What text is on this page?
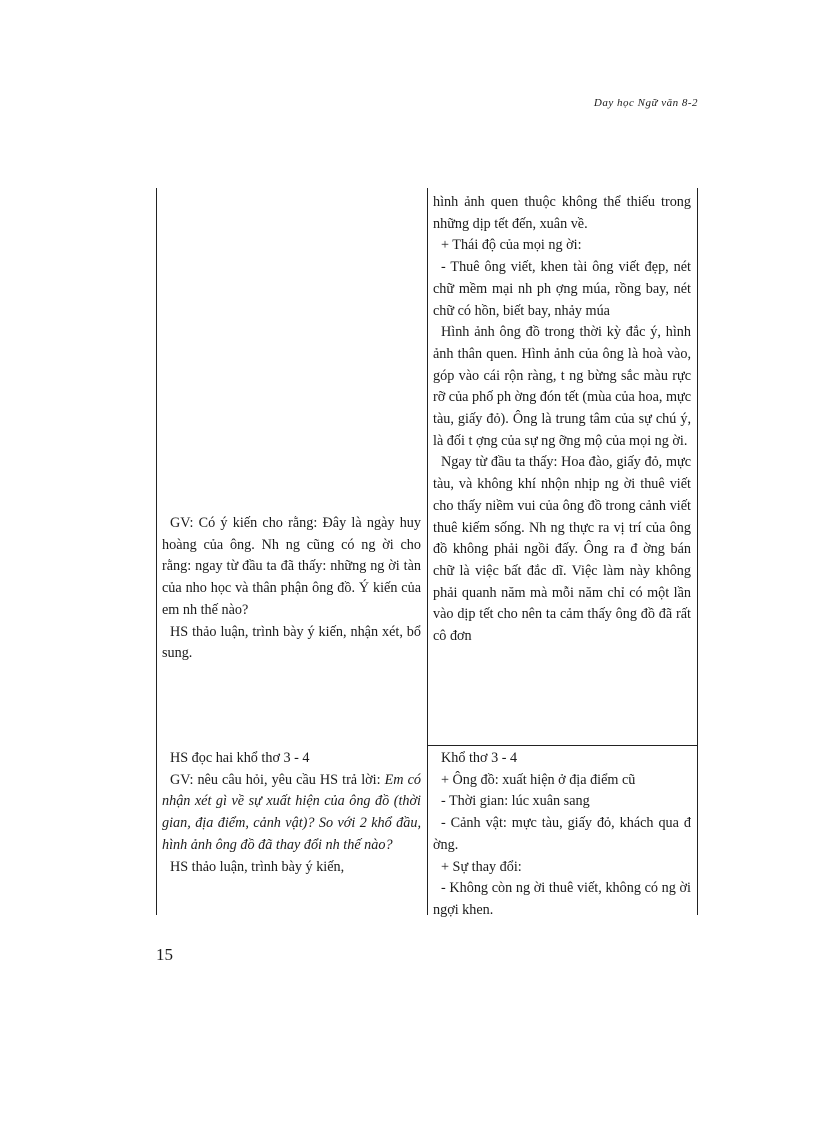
Day học Ngữ văn 8-2

GV: Có ý kiến cho rằng: Đây là ngày huy hoàng của ông. Nh ng cũng có ng ời cho rằng: ngay từ đầu ta đã thấy: những ng ời tàn của nho học và thân phận ông đồ. Ý kiến của em nh thế nào?

HS thảo luận, trình bày ý kiến, nhận xét, bổ sung.

hình ảnh quen thuộc không thể thiếu trong những dịp tết đến, xuân về.

+ Thái độ của mọi ng ời:

- Thuê ông viết, khen tài ông viết đẹp, nét chữ mềm mại nh ph ợng múa, rồng bay, nét chữ có hồn, biết bay, nhảy múa

Hình ảnh ông đồ trong thời kỳ đắc ý, hình ảnh thân quen. Hình ảnh của ông là hoà vào, góp vào cái rộn ràng, t ng bừng sắc màu rực rỡ của phố ph ờng đón tết (mùa của hoa, mực tàu, giấy đỏ). Ông là trung tâm của sự chú ý, là đối t ợng của sự ng ỡng mộ của mọi ng ời.

Ngay từ đầu ta thấy: Hoa đào, giấy đỏ, mực tàu, và không khí nhộn nhịp ng ời thuê viết cho thấy niềm vui của ông đồ trong cảnh viết thuê kiếm sống. Nh ng thực ra vị trí của ông đồ không phải ngồi đấy. Ông ra đ ờng bán chữ là việc bất đắc dĩ. Việc làm này không phải quanh năm mà mỗi năm chỉ có một lần vào dịp tết cho nên ta cảm thấy ông đồ đã rất cô đơn

HS đọc hai khổ thơ 3 - 4

GV: nêu câu hỏi, yêu cầu HS trả lời: Em có nhận xét gì về sự xuất hiện của ông đồ (thời gian, địa điểm, cảnh vật)? So với 2 khổ đầu, hình ảnh ông đồ đã thay đổi nh thế nào?

HS thảo luận, trình bày ý kiến,

Khổ thơ 3 - 4

+ Ông đồ: xuất hiện ở địa điểm cũ

- Thời gian: lúc xuân sang

- Cảnh vật: mực tàu, giấy đỏ, khách qua đ ờng.

+ Sự thay đổi:

- Không còn ng ời thuê viết, không có ng ời ngợi khen.

15
